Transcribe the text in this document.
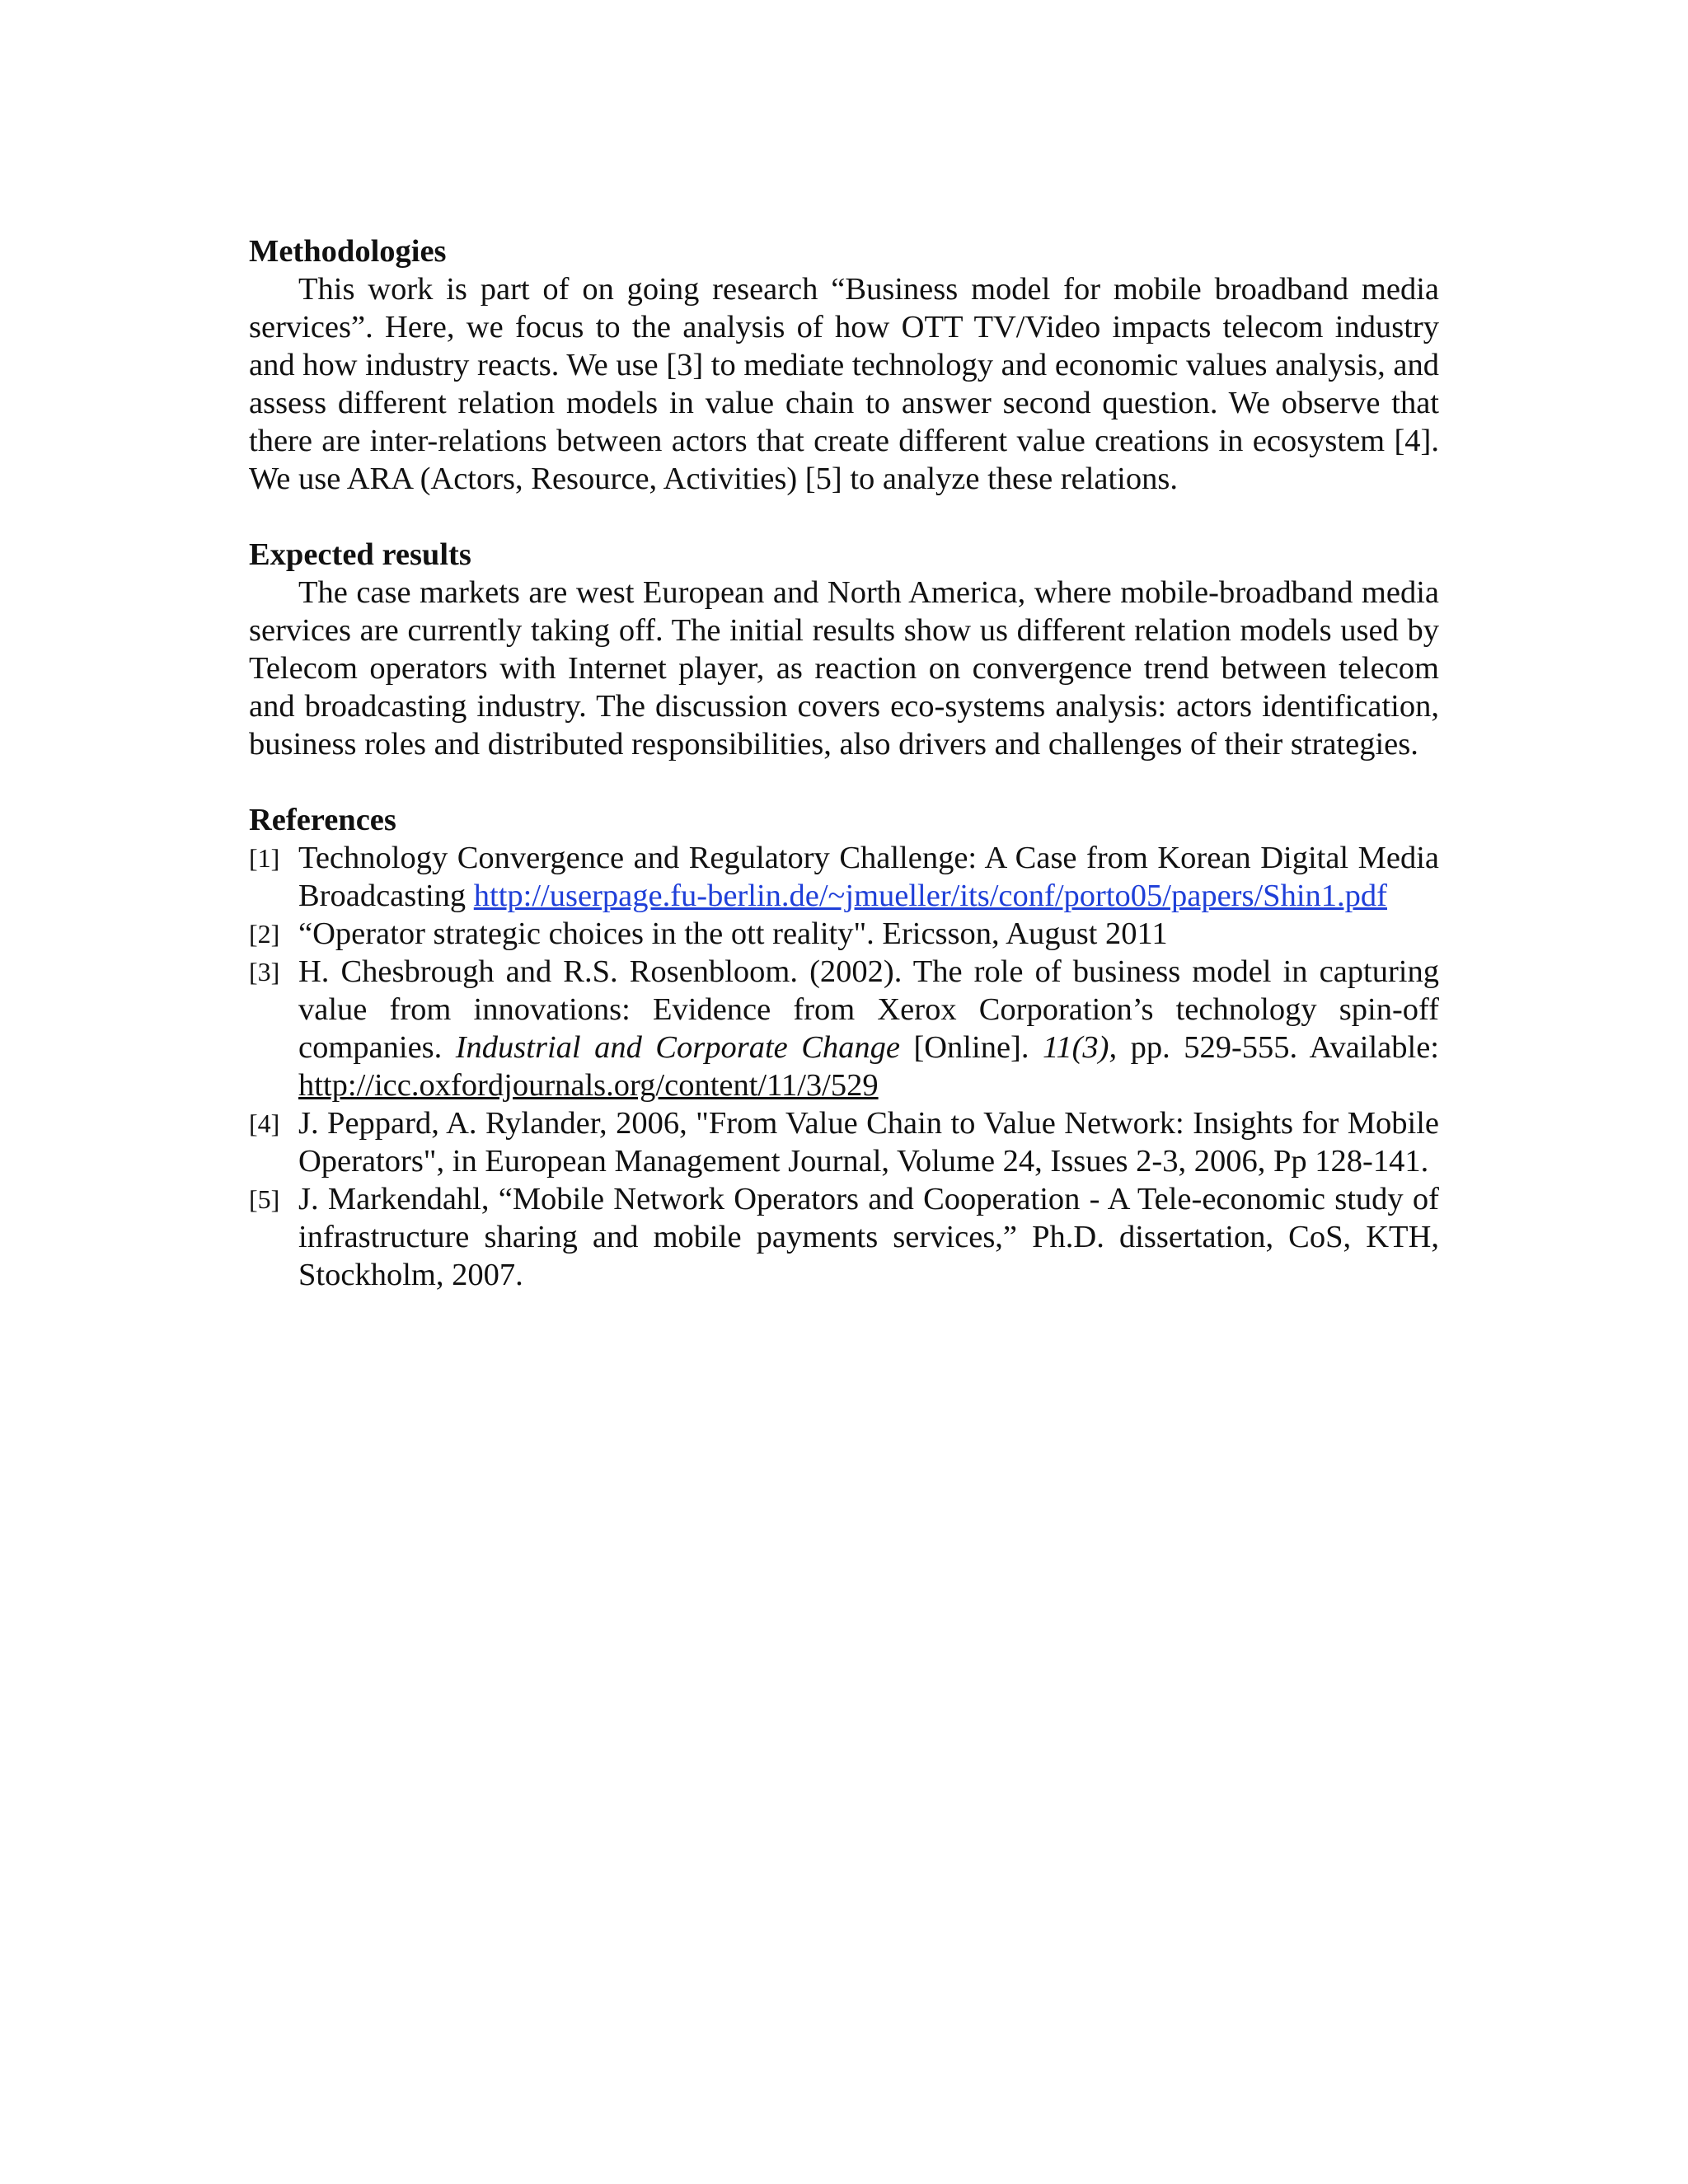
Methodologies

This work is part of on going research “Business model for mobile broadband media services”. Here, we focus to the analysis of how OTT TV/Video impacts telecom industry and how industry reacts. We use [3] to mediate technology and economic values analysis, and assess different relation models in value chain to answer second question. We observe that there are inter-relations between actors that create different value creations in ecosystem [4]. We use ARA (Actors, Resource, Activities) [5] to analyze these relations.

Expected results

The case markets are west European and North America, where mobile-broadband media services are currently taking off. The initial results show us different relation models used by Telecom operators with Internet player, as reaction on convergence trend between telecom and broadcasting industry. The discussion covers eco-systems analysis: actors identification, business roles and distributed responsibilities, also drivers and challenges of their strategies.

References

[1] Technology Convergence and Regulatory Challenge: A Case from Korean Digital Media Broadcasting http://userpage.fu-berlin.de/~jmueller/its/conf/porto05/papers/Shin1.pdf
[2] “Operator strategic choices in the ott reality". Ericsson, August 2011
[3] H. Chesbrough and R.S. Rosenbloom. (2002). The role of business model in capturing value from innovations: Evidence from Xerox Corporation’s technology spin-off companies. Industrial and Corporate Change [Online]. 11(3), pp. 529-555. Available: http://icc.oxfordjournals.org/content/11/3/529
[4] J. Peppard, A. Rylander, 2006, "From Value Chain to Value Network: Insights for Mobile Operators", in European Management Journal, Volume 24, Issues 2-3, 2006, Pp 128-141.
[5] J. Markendahl, “Mobile Network Operators and Cooperation - A Tele-economic study of infrastructure sharing and mobile payments services,” Ph.D. dissertation, CoS, KTH, Stockholm, 2007.
